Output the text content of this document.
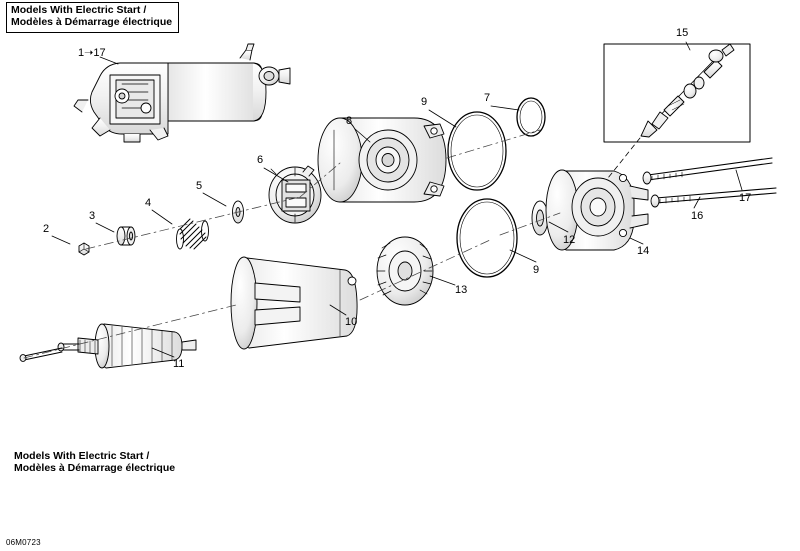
Models With Electric Start /
Modèles à Démarrage électrique
Models With Electric Start /
Modèles à Démarrage électrique
06M0723
1➝17
15
9	7
8
6
5
4
3
2
17
16
14
12
9
13
10
11
